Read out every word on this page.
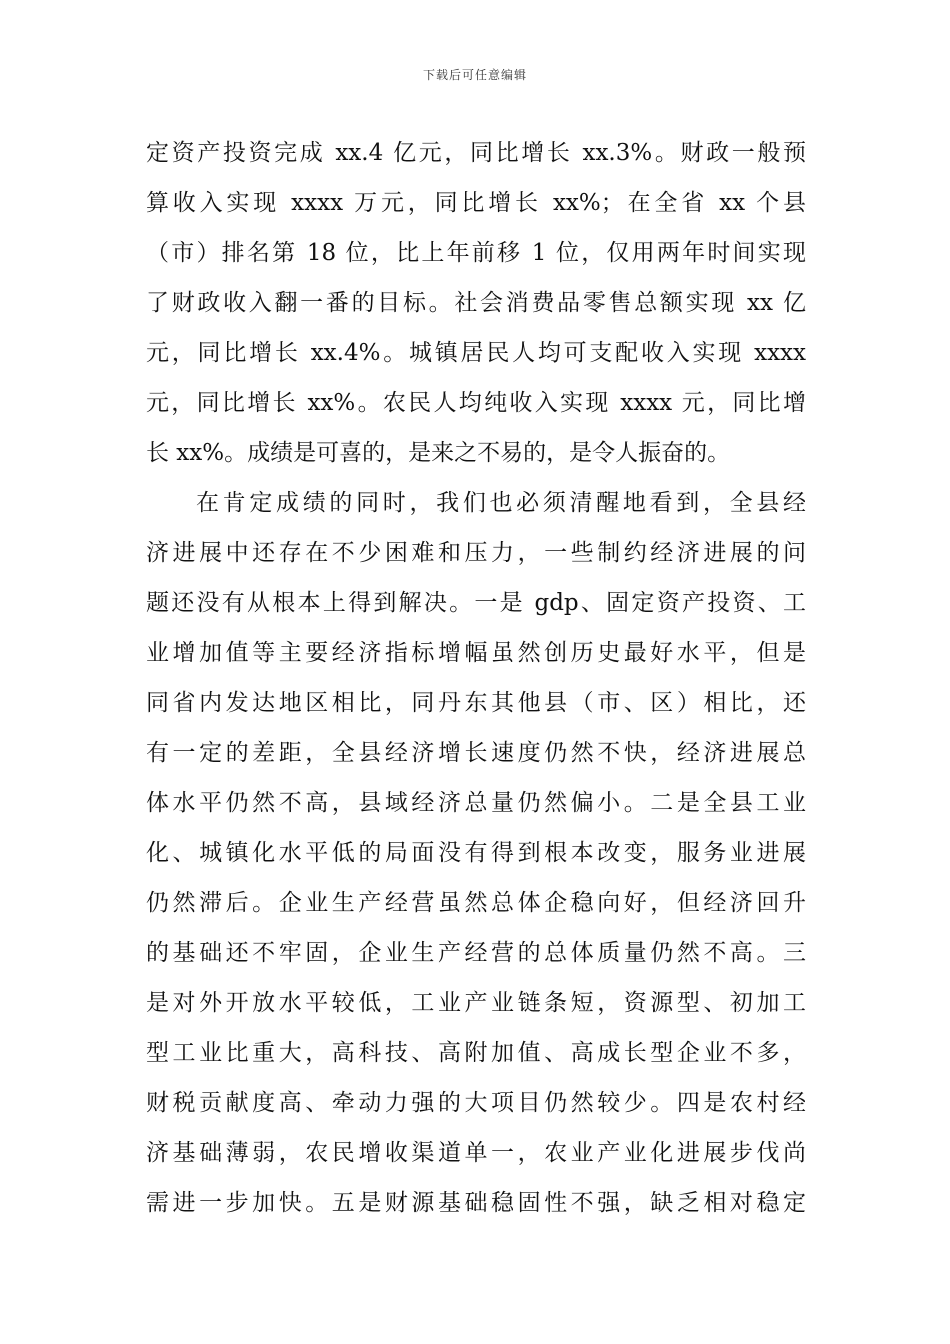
下载后可任意编辑
定资产投资完成 xx.4 亿元，同比增长 xx.3%。财政一般预
算收入实现 xxxx 万元，同比增长 xx%；在全省 xx 个县
（市）排名第 18 位，比上年前移 1 位，仅用两年时间实现
了财政收入翻一番的目标。社会消费品零售总额实现 xx 亿
元，同比增长 xx.4%。城镇居民人均可支配收入实现 xxxx
元，同比增长 xx%。农民人均纯收入实现 xxxx 元，同比增
长 xx%。成绩是可喜的，是来之不易的，是令人振奋的。
在肯定成绩的同时，我们也必须清醒地看到，全县经
济进展中还存在不少困难和压力，一些制约经济进展的问
题还没有从根本上得到解决。一是 gdp、固定资产投资、工
业增加值等主要经济指标增幅虽然创历史最好水平，但是
同省内发达地区相比，同丹东其他县（市、区）相比，还
有一定的差距，全县经济增长速度仍然不快，经济进展总
体水平仍然不高，县域经济总量仍然偏小。二是全县工业
化、城镇化水平低的局面没有得到根本改变，服务业进展
仍然滞后。企业生产经营虽然总体企稳向好，但经济回升
的基础还不牢固，企业生产经营的总体质量仍然不高。三
是对外开放水平较低，工业产业链条短，资源型、初加工
型工业比重大，高科技、高附加值、高成长型企业不多，
财税贡献度高、牵动力强的大项目仍然较少。四是农村经
济基础薄弱，农民增收渠道单一，农业产业化进展步伐尚
需进一步加快。五是财源基础稳固性不强，缺乏相对稳定
